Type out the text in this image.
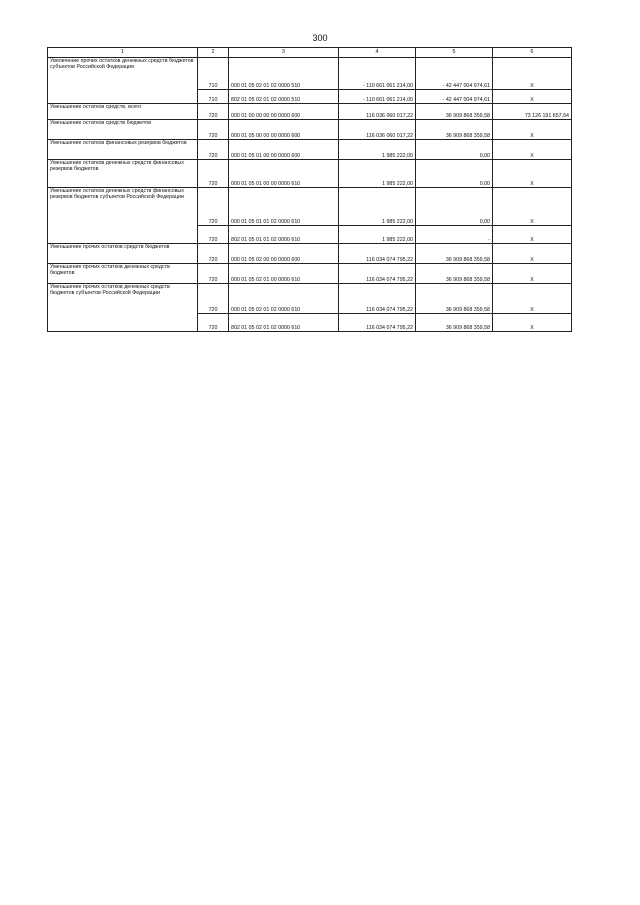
300
1	2	3	4	5	6
Увеличение прочих остатков денежных средств бюджетов субъектов Российской Федерации	710	000 01 05 02 01 02 0000 510	- 110 661 061 214,00	- 42 447 004 974,61	X
	710	802 01 05 02 01 02 0000 510	- 110 661 061 214,00	- 42 447 004 974,61	X
Уменьшение остатков средств, всего	720	000 01 00 00 00 00 0000 600	116 036 060 017,22	36 909 868 359,58	73 126 191 657,64
Уменьшение остатков средств бюджетов	720	000 01 05 00 00 00 0000 600	116 036 060 017,22	36 909 868 359,58	X
Уменьшение остатков финансовых резервов бюджетов	720	000 01 05 01 00 00 0000 600	1 985 222,00	0,00	X
Уменьшение остатков денежных средств финансовых резервов бюджетов	720	000 01 05 01 00 00 0000 610	1 985 222,00	0,00	X
Уменьшение остатков денежных средств финансовых резервов бюджетов субъектов Российской Федерации	720	000 01 05 01 01 02 0000 610	1 985 222,00	0,00	X
	720	802 01 05 01 01 02 0000 610	1 985 222,00	-	X
Уменьшение прочих остатков средств бюджетов	720	000 01 05 02 00 00 0000 600	116 034 074 795,22	36 909 868 359,58	X
Уменьшение прочих остатков денежных средств бюджетов	720	000 01 05 02 01 00 0000 610	116 034 074 795,22	36 909 868 359,58	X
Уменьшение прочих остатков денежных средств бюджетов субъектов Российской Федерации	720	000 01 05 02 01 02 0000 610	116 034 074 795,22	36 909 868 359,58	X
	720	802 01 05 02 01 02 0000 610	116 034 074 795,22	36 909 868 359,58	X
